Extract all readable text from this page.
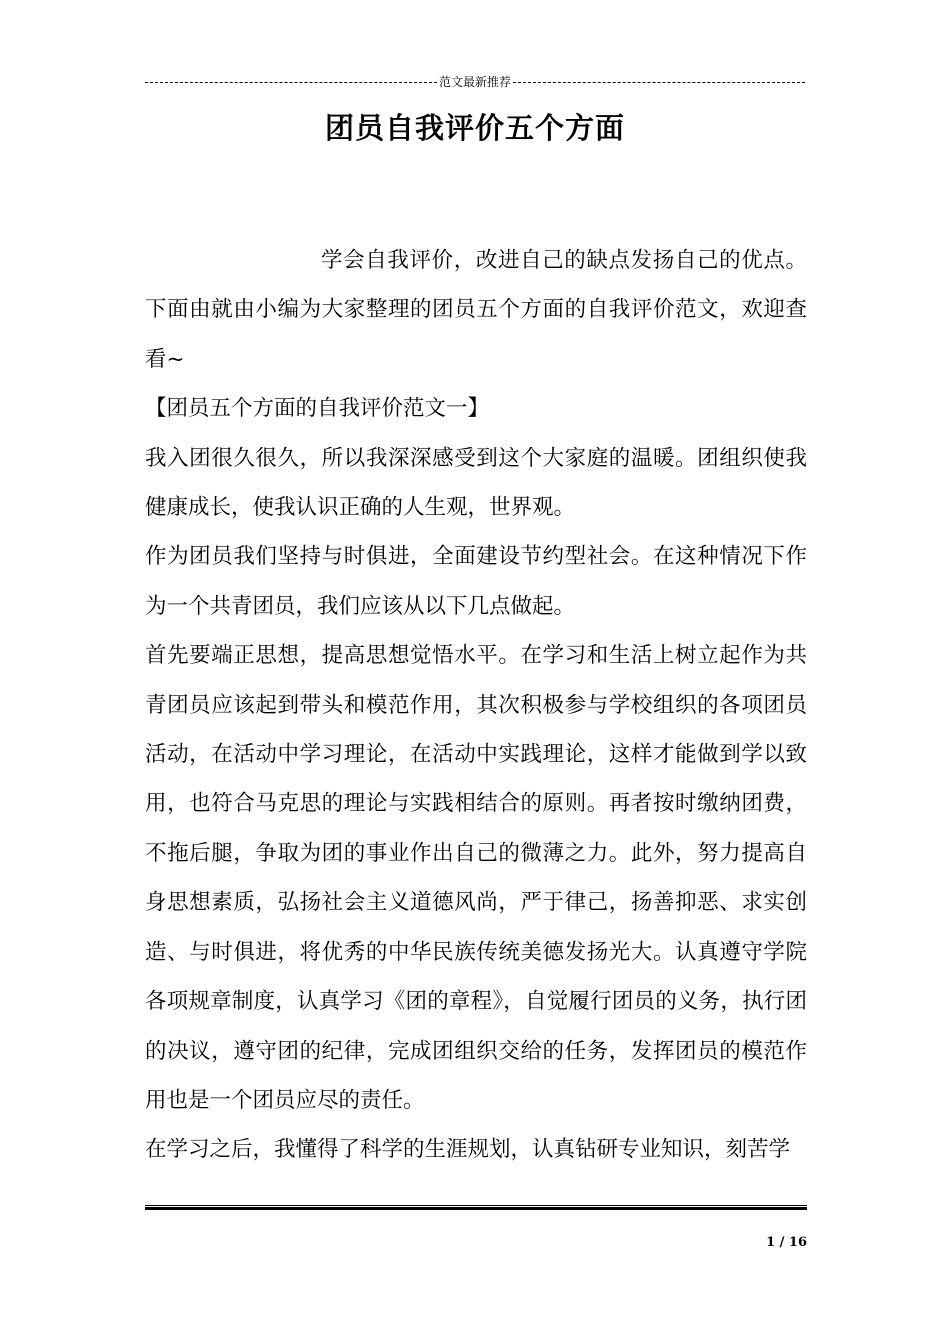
范文最新推荐
团员自我评价五个方面

学会自我评价，改进自己的缺点发扬自己的优点。下面由就由小编为大家整理的团员五个方面的自我评价范文，欢迎查看~

【团员五个方面的自我评价范文一】

我入团很久很久，所以我深深感受到这个大家庭的温暖。团组织使我健康成长，使我认识正确的人生观，世界观。

作为团员我们坚持与时俱进，全面建设节约型社会。在这种情况下作为一个共青团员，我们应该从以下几点做起。

首先要端正思想，提高思想觉悟水平。在学习和生活上树立起作为共青团员应该起到带头和模范作用，其次积极参与学校组织的各项团员活动，在活动中学习理论，在活动中实践理论，这样才能做到学以致用，也符合马克思的理论与实践相结合的原则。再者按时缴纳团费，不拖后腿，争取为团的事业作出自己的微薄之力。此外，努力提高自身思想素质，弘扬社会主义道德风尚，严于律己，扬善抑恶、求实创造、与时俱进，将优秀的中华民族传统美德发扬光大。认真遵守学院各项规章制度，认真学习《团的章程》，自觉履行团员的义务，执行团的决议，遵守团的纪律，完成团组织交给的任务，发挥团员的模范作用也是一个团员应尽的责任。

在学习之后，我懂得了科学的生涯规划，认真钻研专业知识，刻苦学

1 / 16
